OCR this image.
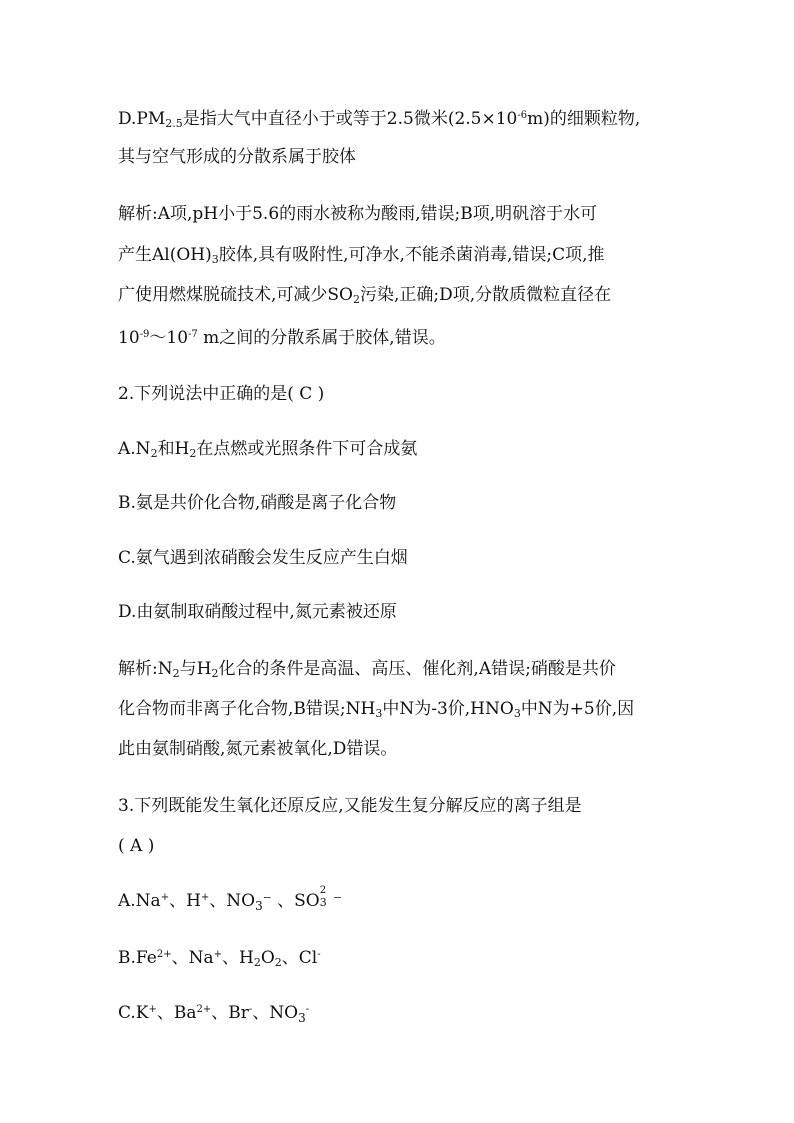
$D.PM_{2.5}$是指大气中直径小于或等于2.5微米$(2.5\times 10^{-6}m)$的细颗粒物,
其与空气形成的分散系属于胶体
解析:A项,pH小于5.6的雨水被称为酸雨,错误;B项,明矾溶于水可
产生$Al(OH)_3$胶体,具有吸附性,可净水,不能杀菌消毒,错误;C项,推
广使用燃煤脱硫技术,可减少$SO_2$污染,正确;D项,分散质微粒直径在
$10^{-9}\sim 10^{-7}$ m之间的分散系属于胶体,错误。
2.下列说法中正确的是( C )
$A.N_2$和$H_2$在点燃或光照条件下可合成氨
B.氨是共价化合物,硝酸是离子化合物
C.氨气遇到浓硝酸会发生反应产生白烟
D.由氨制取硝酸过程中,氮元素被还原
解析$:N_2$与$H_2$化合的条件是高温、高压、催化剂,A错误;硝酸是共价
化合物而非离子化合物,B错误$;NH_3$中N为-3价$,HNO_3$中N为+5价,因
此由氨制硝酸,氮元素被氧化,D错误。
3.下列既能发生氧化还原反应,又能发生复分解反应的离子组是
( A )
A.Na+、H+、$NO_3^-$ 、SO
2
3 ⁻
$B.Fe^{2+}$、Na+、$H_2O_2$、Cl-
C.K+、$Ba^{2+}$、Br-、$NO_3^-$
